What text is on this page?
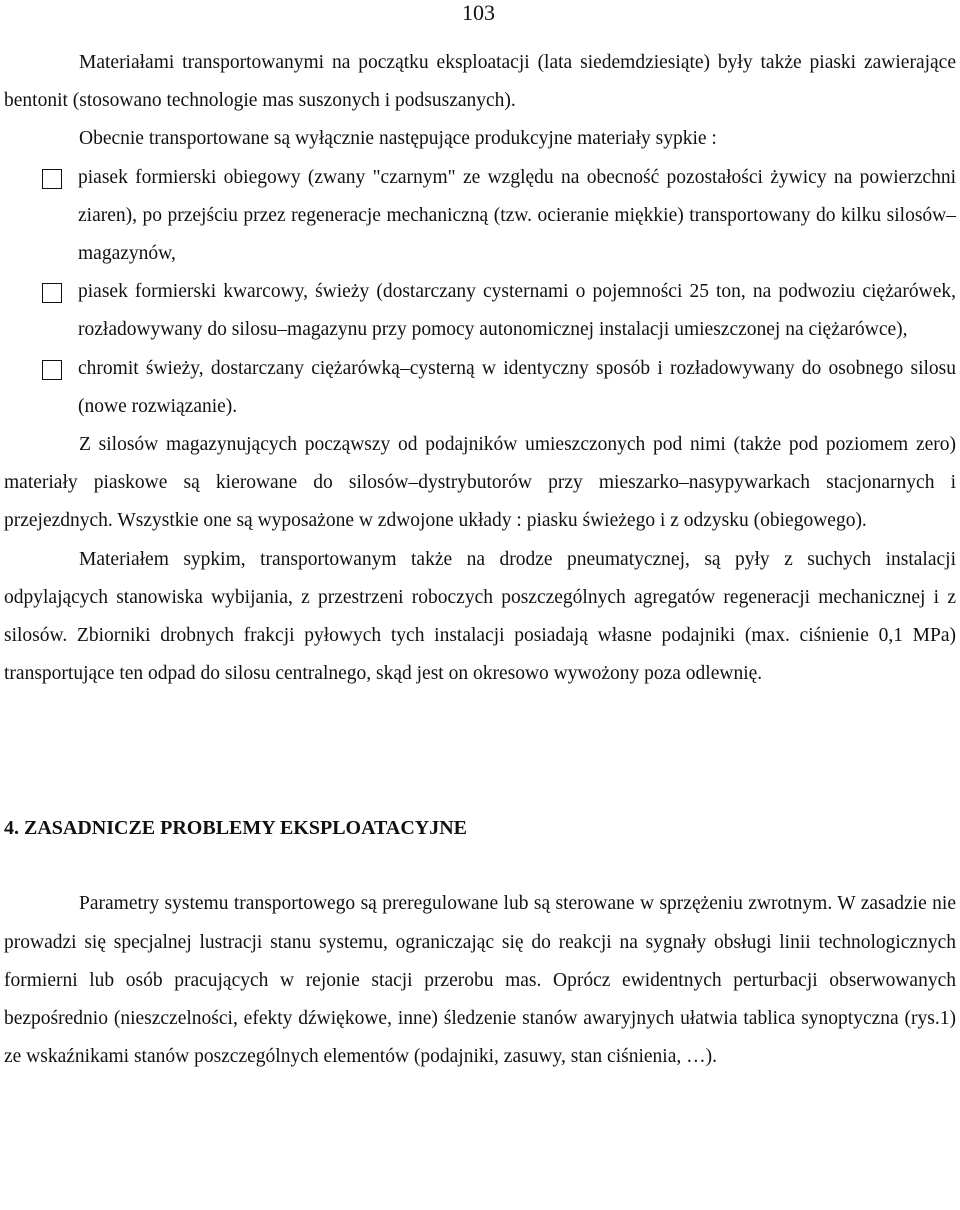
103

Materiałami transportowanymi na początku eksploatacji (lata siedemdziesiąte) były także piaski zawierające bentonit (stosowano technologie mas suszonych i podsuszanych).

Obecnie transportowane są wyłącznie następujące produkcyjne materiały sypkie :

piasek formierski obiegowy (zwany "czarnym" ze względu na obecność pozostałości żywicy na powierzchni ziaren), po przejściu przez regeneracje mechaniczną (tzw. ocieranie miękkie) transportowany do kilku silosów–magazynów,
piasek formierski kwarcowy, świeży (dostarczany cysternami o pojemności 25 ton, na podwoziu ciężarówek, rozładowywany do silosu–magazynu przy pomocy autonomicznej instalacji umieszczonej na ciężarówce),
chromit świeży, dostarczany ciężarówką–cysterną w identyczny sposób i rozładowywany do osobnego silosu (nowe rozwiązanie).

Z silosów magazynujących począwszy od podajników umieszczonych pod nimi (także pod poziomem zero) materiały piaskowe są kierowane do silosów–dystrybutorów przy mieszarko–nasypywarkach stacjonarnych i przejezdnych. Wszystkie one są wyposażone w zdwojone układy : piasku świeżego i z odzysku (obiegowego).

Materiałem sypkim, transportowanym także na drodze pneumatycznej, są pyły z suchych instalacji odpylających stanowiska wybijania, z przestrzeni roboczych poszczególnych agregatów regeneracji mechanicznej i z silosów. Zbiorniki drobnych frakcji pyłowych tych instalacji posiadają własne podajniki (max. ciśnienie 0,1 MPa) transportujące ten odpad do silosu centralnego, skąd jest on okresowo wywożony poza odlewnię.

4. ZASADNICZE PROBLEMY EKSPLOATACYJNE

Parametry systemu transportowego są preregulowane lub są sterowane w sprzężeniu zwrotnym. W zasadzie nie prowadzi się specjalnej lustracji stanu systemu, ograniczając się do reakcji na sygnały obsługi linii technologicznych formierni lub osób pracujących w rejonie stacji przerobu mas. Oprócz ewidentnych perturbacji obserwowanych bezpośrednio (nieszczelności, efekty dźwiękowe, inne) śledzenie stanów awaryjnych ułatwia tablica synoptyczna (rys.1) ze wskaźnikami stanów poszczególnych elementów (podajniki, zasuwy, stan ciśnienia, …).
